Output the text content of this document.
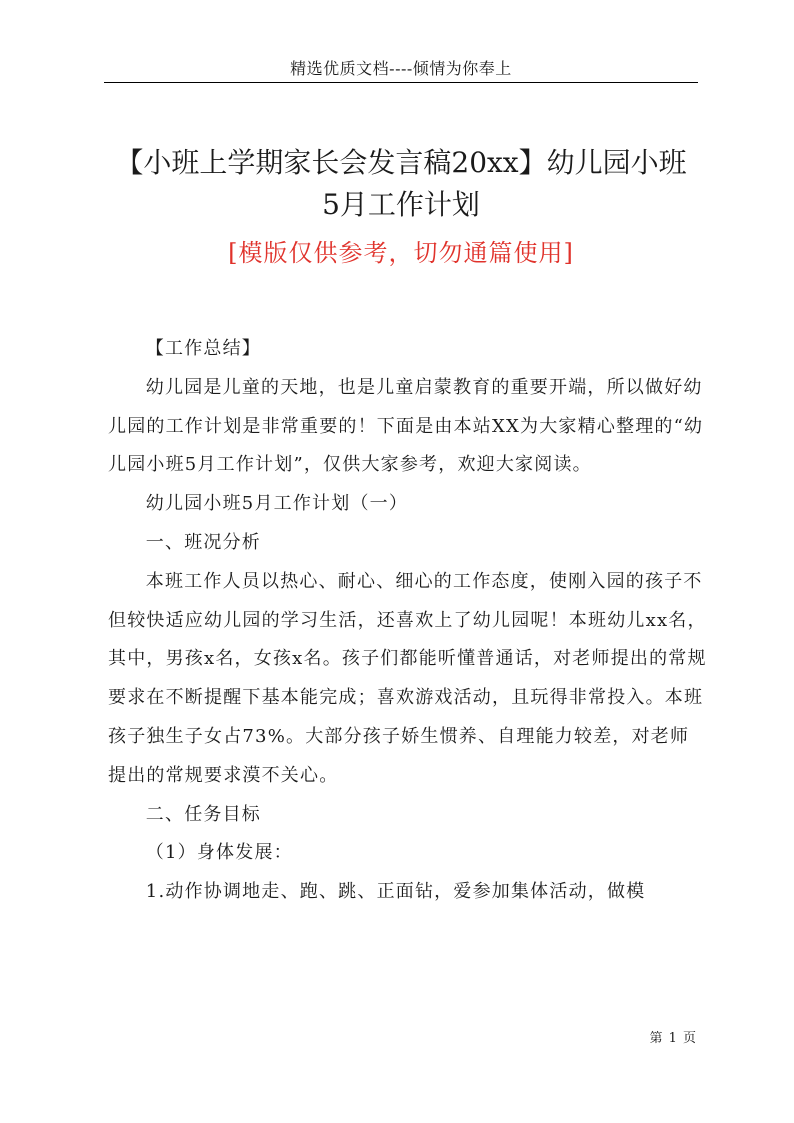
精选优质文档----倾情为你奉上
【小班上学期家长会发言稿20xx】幼儿园小班
5月工作计划
[模版仅供参考，切勿通篇使用]

【工作总结】

幼儿园是儿童的天地，也是儿童启蒙教育的重要开端，所以做好幼儿园的工作计划是非常重要的！下面是由本站XX为大家精心整理的“幼儿园小班5月工作计划”，仅供大家参考，欢迎大家阅读。

幼儿园小班5月工作计划（一）

一、班况分析

本班工作人员以热心、耐心、细心的工作态度，使刚入园的孩子不但较快适应幼儿园的学习生活，还喜欢上了幼儿园呢！本班幼儿xx名，其中，男孩x名，女孩x名。孩子们都能听懂普通话，对老师提出的常规要求在不断提醒下基本能完成；喜欢游戏活动，且玩得非常投入。本班孩子独生子女占73%。大部分孩子娇生惯养、自理能力较差，对老师提出的常规要求漠不关心。

二、任务目标

（1）身体发展：

1.动作协调地走、跑、跳、正面钻，爱参加集体活动，做模

第 1 页
